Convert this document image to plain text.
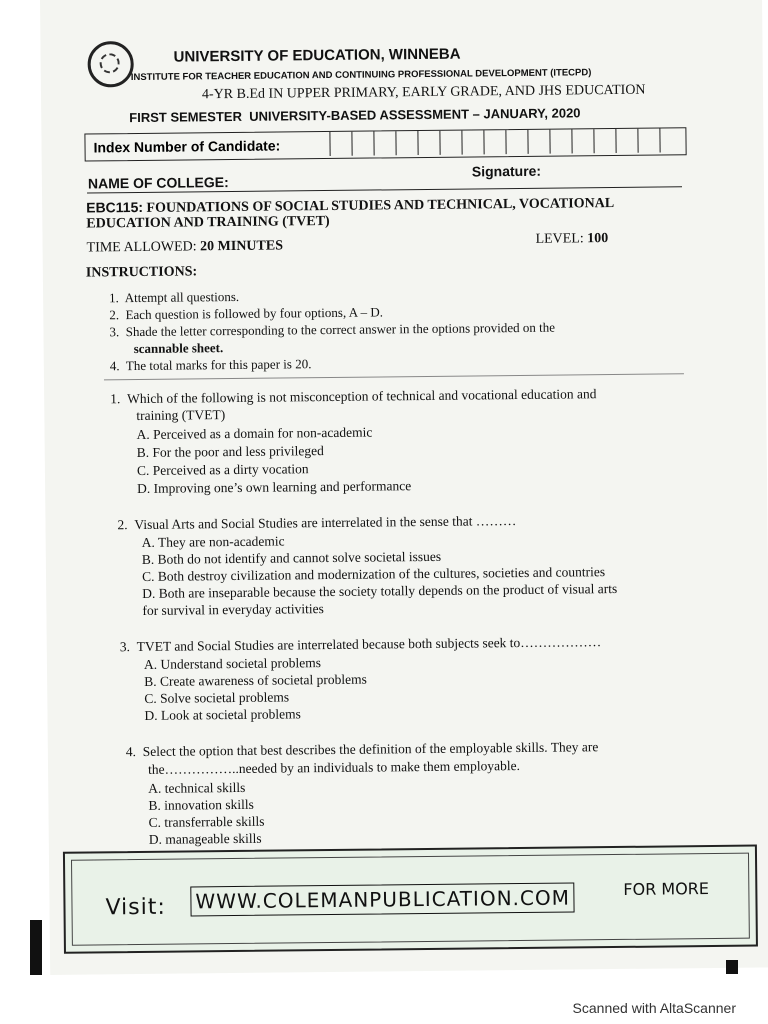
UNIVERSITY OF EDUCATION, WINNEBA
INSTITUTE FOR TEACHER EDUCATION AND CONTINUING PROFESSIONAL DEVELOPMENT (ITECPD)
4-YR B.Ed IN UPPER PRIMARY, EARLY GRADE, AND JHS EDUCATION
FIRST SEMESTER UNIVERSITY-BASED ASSESSMENT – JANUARY, 2020
Index Number of Candidate:
NAME OF COLLEGE:
Signature:
EBC115: FOUNDATIONS OF SOCIAL STUDIES AND TECHNICAL, VOCATIONAL
EDUCATION AND TRAINING (TVET)
TIME ALLOWED: 20 MINUTES	LEVEL: 100
INSTRUCTIONS:
1. Attempt all questions.
2. Each question is followed by four options, A – D.
3. Shade the letter corresponding to the correct answer in the options provided on the
scannable sheet.
4. The total marks for this paper is 20.
1. Which of the following is not misconception of technical and vocational education and
training (TVET)
A. Perceived as a domain for non-academic
B. For the poor and less privileged
C. Perceived as a dirty vocation
D. Improving one’s own learning and performance
2. Visual Arts and Social Studies are interrelated in the sense that ………
A. They are non-academic
B. Both do not identify and cannot solve societal issues
C. Both destroy civilization and modernization of the cultures, societies and countries
D. Both are inseparable because the society totally depends on the product of visual arts
for survival in everyday activities
3. TVET and Social Studies are interrelated because both subjects seek to………………
A. Understand societal problems
B. Create awareness of societal problems
C. Solve societal problems
D. Look at societal problems
4. Select the option that best describes the definition of the employable skills. They are
the……………..needed by an individuals to make them employable.
A. technical skills
B. innovation skills
C. transferrable skills
D. manageable skills
Visit: WWW.COLEMANPUBLICATION.COM	FOR MORE
Scanned with AltaScanner
